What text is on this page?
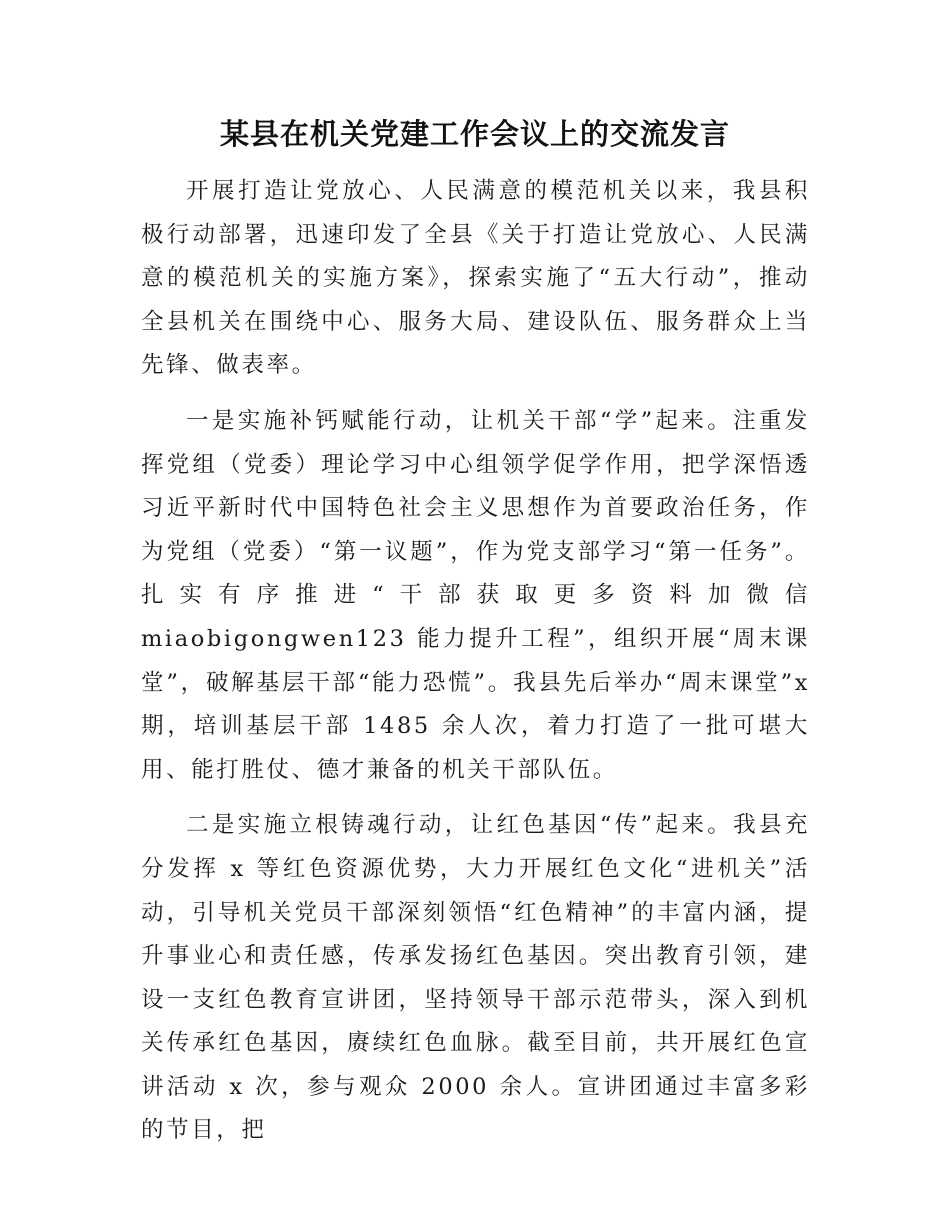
某县在机关党建工作会议上的交流发言

开展打造让党放心、人民满意的模范机关以来，我县积极行动部署，迅速印发了全县《关于打造让党放心、人民满意的模范机关的实施方案》，探索实施了“五大行动”，推动全县机关在围绕中心、服务大局、建设队伍、服务群众上当先锋、做表率。

一是实施补钙赋能行动，让机关干部“学”起来。注重发挥党组（党委）理论学习中心组领学促学作用，把学深悟透习近平新时代中国特色社会主义思想作为首要政治任务，作为党组（党委）“第一议题”，作为党支部学习“第一任务”。扎实有序推进“干部获取更多资料加微信 miaobigongwen123 能力提升工程”，组织开展“周末课堂”，破解基层干部“能力恐慌”。我县先后举办“周末课堂”x 期，培训基层干部 1485 余人次，着力打造了一批可堪大用、能打胜仗、德才兼备的机关干部队伍。

二是实施立根铸魂行动，让红色基因“传”起来。我县充分发挥 x 等红色资源优势，大力开展红色文化“进机关”活动，引导机关党员干部深刻领悟“红色精神”的丰富内涵，提升事业心和责任感，传承发扬红色基因。突出教育引领，建设一支红色教育宣讲团，坚持领导干部示范带头，深入到机关传承红色基因，赓续红色血脉。截至目前，共开展红色宣讲活动 x 次，参与观众 2000 余人。宣讲团通过丰富多彩的节目，把
